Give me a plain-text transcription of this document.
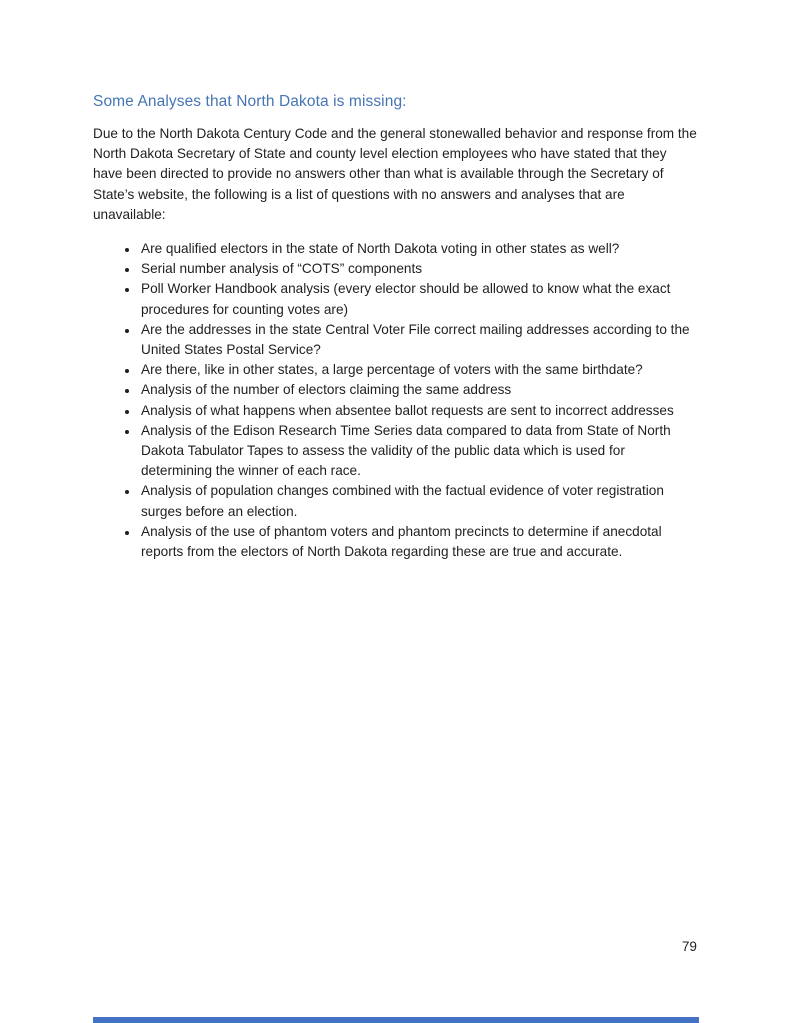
Some Analyses that North Dakota is missing:

Due to the North Dakota Century Code and the general stonewalled behavior and response from the North Dakota Secretary of State and county level election employees who have stated that they have been directed to provide no answers other than what is available through the Secretary of State’s website, the following is a list of questions with no answers and analyses that are unavailable:

• Are qualified electors in the state of North Dakota voting in other states as well?
• Serial number analysis of “COTS” components
• Poll Worker Handbook analysis (every elector should be allowed to know what the exact procedures for counting votes are)
• Are the addresses in the state Central Voter File correct mailing addresses according to the United States Postal Service?
• Are there, like in other states, a large percentage of voters with the same birthdate?
• Analysis of the number of electors claiming the same address
• Analysis of what happens when absentee ballot requests are sent to incorrect addresses
• Analysis of the Edison Research Time Series data compared to data from State of North Dakota Tabulator Tapes to assess the validity of the public data which is used for determining the winner of each race.
• Analysis of population changes combined with the factual evidence of voter registration surges before an election.
• Analysis of the use of phantom voters and phantom precincts to determine if anecdotal reports from the electors of North Dakota regarding these are true and accurate.
79
